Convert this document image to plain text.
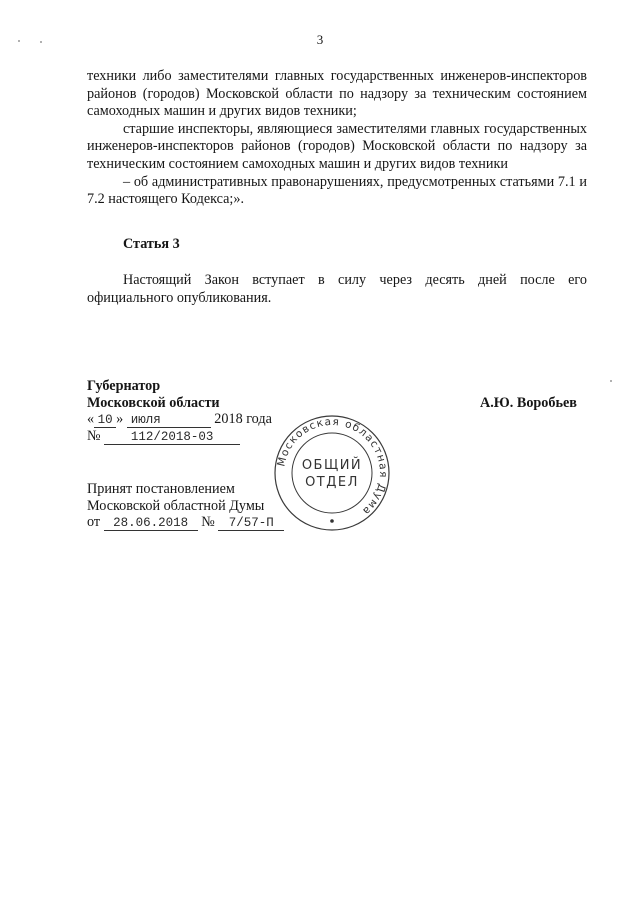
3

техники либо заместителями главных государственных инженеров-инспекторов районов (городов) Московской области по надзору за техническим состоянием самоходных машин и других видов техники;

старшие инспекторы, являющиеся заместителями главных государственных инженеров-инспекторов районов (городов) Московской области по надзору за техническим состоянием самоходных машин и других видов техники

– об административных правонарушениях, предусмотренных статьями 7.1 и 7.2 настоящего Кодекса;».

Статья 3

Настоящий Закон вступает в силу через десять дней после его официального опубликования.

Губернатор
Московской области	А.Ю. Воробьев
« 10 » июля	2018 года
№ 112/2018-03
Московская областная Дума
ОБЩИЙ
ОТДЕЛ
Принят постановлением
Московской областной Думы
от 28.06.2018 № 7/57-П
